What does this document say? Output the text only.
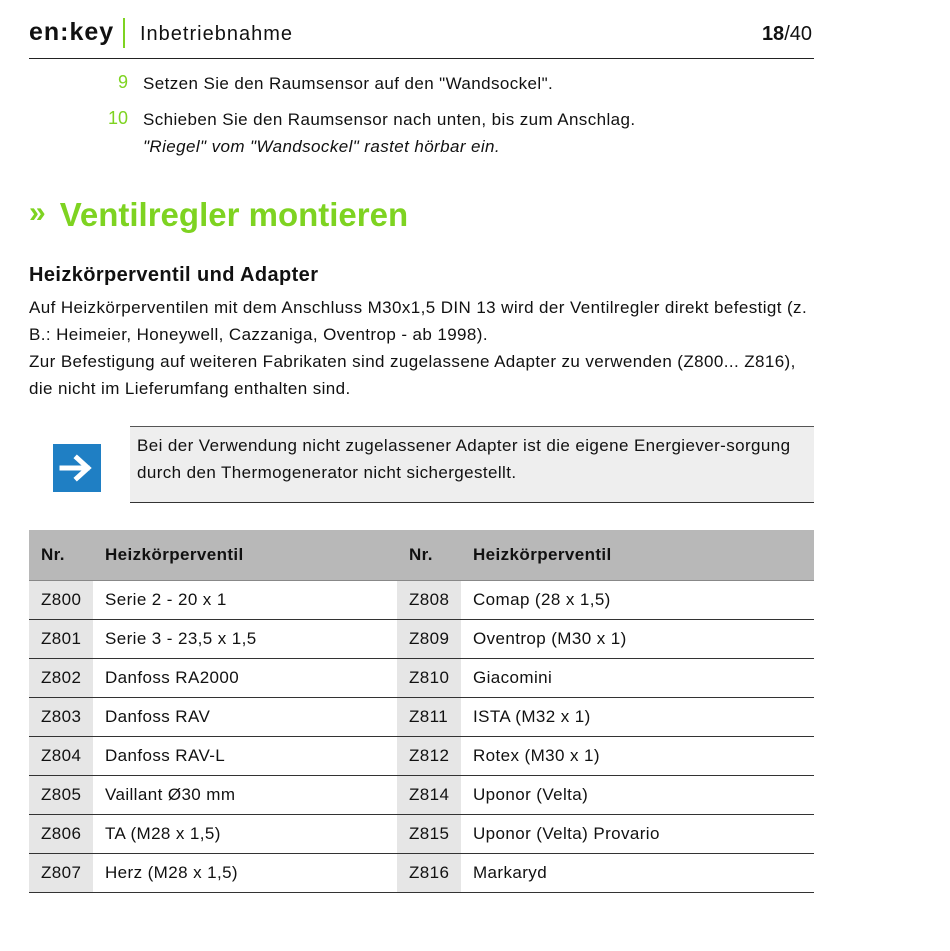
en:key Inbetriebnahme	18/40
9 Setzen Sie den Raumsensor auf den "Wandsockel".
10 Schieben Sie den Raumsensor nach unten, bis zum Anschlag.
"Riegel" vom "Wandsockel" rastet hörbar ein.
» Ventilregler montieren
Heizkörperventil und Adapter
Auf Heizkörperventilen mit dem Anschluss M30x1,5 DIN 13 wird der Ventilregler direkt befestigt (z. B.: Heimeier, Honeywell, Cazzaniga, Oventrop - ab 1998).
Zur Befestigung auf weiteren Fabrikaten sind zugelassene Adapter zu verwenden (Z800... Z816), die nicht im Lieferumfang enthalten sind.
Bei der Verwendung nicht zugelassener Adapter ist die eigene Energiever-sorgung durch den Thermogenerator nicht sichergestellt.
Nr.	Heizkörperventil	Nr.	Heizkörperventil
Z800	Serie 2 - 20 x 1	Z808	Comap (28 x 1,5)
Z801	Serie 3 - 23,5 x 1,5	Z809	Oventrop (M30 x 1)
Z802	Danfoss RA2000	Z810	Giacomini
Z803	Danfoss RAV	Z811	ISTA (M32 x 1)
Z804	Danfoss RAV-L	Z812	Rotex (M30 x 1)
Z805	Vaillant Ø30 mm	Z814	Uponor (Velta)
Z806	TA (M28 x 1,5)	Z815	Uponor (Velta) Provario
Z807	Herz (M28 x 1,5)	Z816	Markaryd
